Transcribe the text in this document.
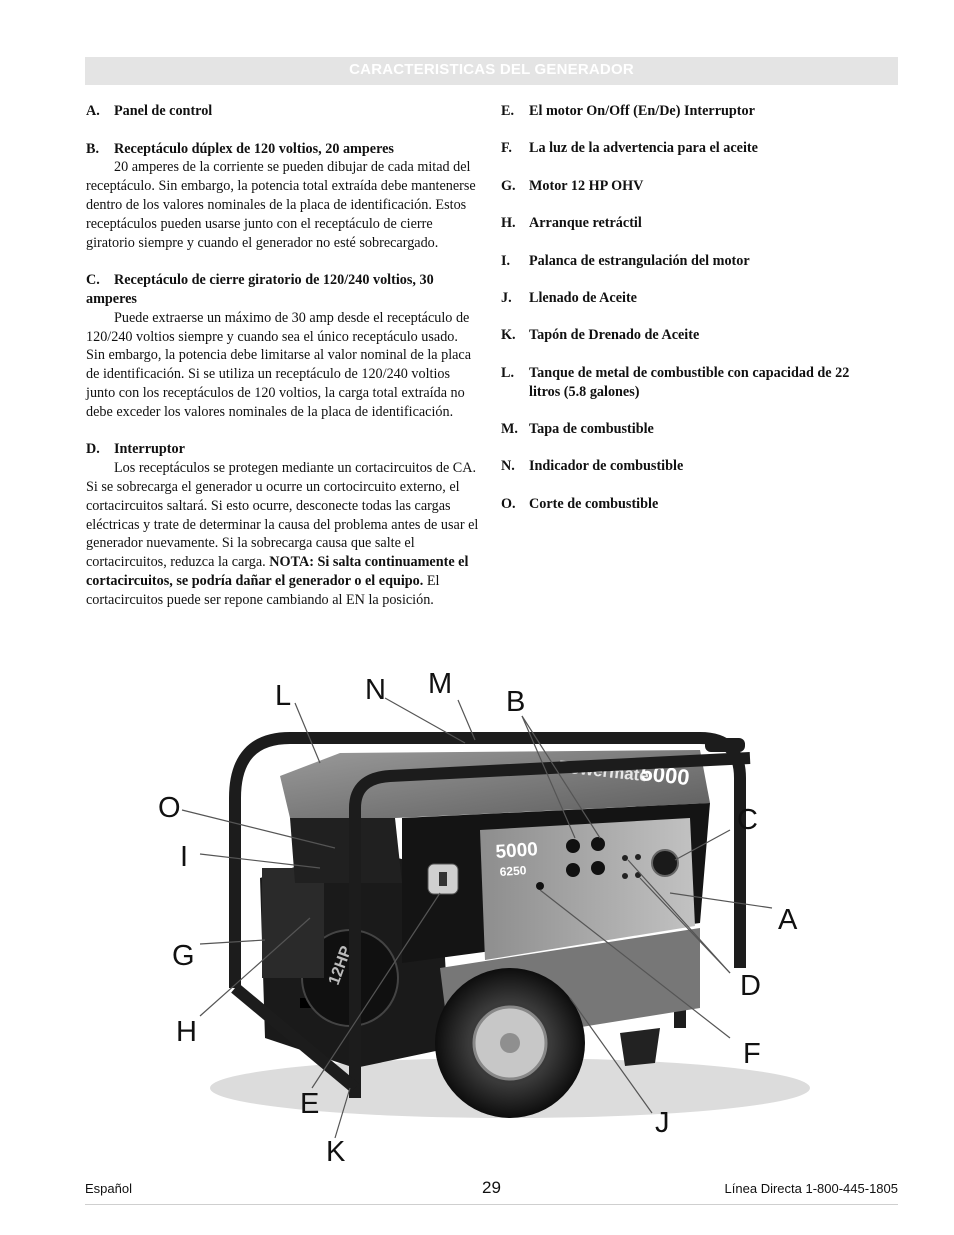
CARACTERISTICAS DEL GENERADOR
A. Panel de control
B. Receptáculo dúplex de 120 voltios, 20 amperes
20 amperes de la corriente se pueden dibujar de cada mitad del receptáculo. Sin embargo, la potencia total extraída debe mantenerse dentro de los valores nominales de la placa de identificación. Estos receptáculos pueden usarse junto con el receptáculo de cierre giratorio siempre y cuando el generador no esté sobrecargado.
C. Receptáculo de cierre giratorio de 120/240 voltios, 30 amperes
Puede extraerse un máximo de 30 amp desde el receptáculo de 120/240 voltios siempre y cuando sea el único receptáculo usado. Sin embargo, la potencia debe limitarse al valor nominal de la placa de identificación. Si se utiliza un receptáculo de 120/240 voltios junto con los receptáculos de 120 voltios, la carga total extraída no debe exceder los valores nominales de la placa de identificación.
D. Interruptor
Los receptáculos se protegen mediante un cortacircuitos de CA. Si se sobrecarga el generador u ocurre un cortocircuito externo, el cortacircuitos saltará. Si esto ocurre, desconecte todas las cargas eléctricas y trate de determinar la causa del problema antes de usar el generador nuevamente. Si la sobrecarga causa que salte el cortacircuitos, reduzca la carga. NOTA: Si salta continuamente el cortacircuitos, se podría dañar el generador o el equipo. El cortacircuitos puede ser repone cambiando al EN la posición.
E.	El motor On/Off (En/De) Interruptor
F.	La luz de la advertencia para el aceite
G. Motor 12 HP OHV
H. Arranque retráctil
I.	Palanca de estrangulación del motor
J.	Llenado de Aceite
K. Tapón de Drenado de Aceite
L.	Tanque de metal de combustible con capacidad de 22 litros (5.8 galones)
M. Tapa de combustible
N.	Indicador de combustible
O. Corte de combustible
12HP
Powermate
5000
5000
6250
L	N M
B
O	C
I
A
G
D
H
F
E
J
K
Español	29	Línea Directa 1-800-445-1805
